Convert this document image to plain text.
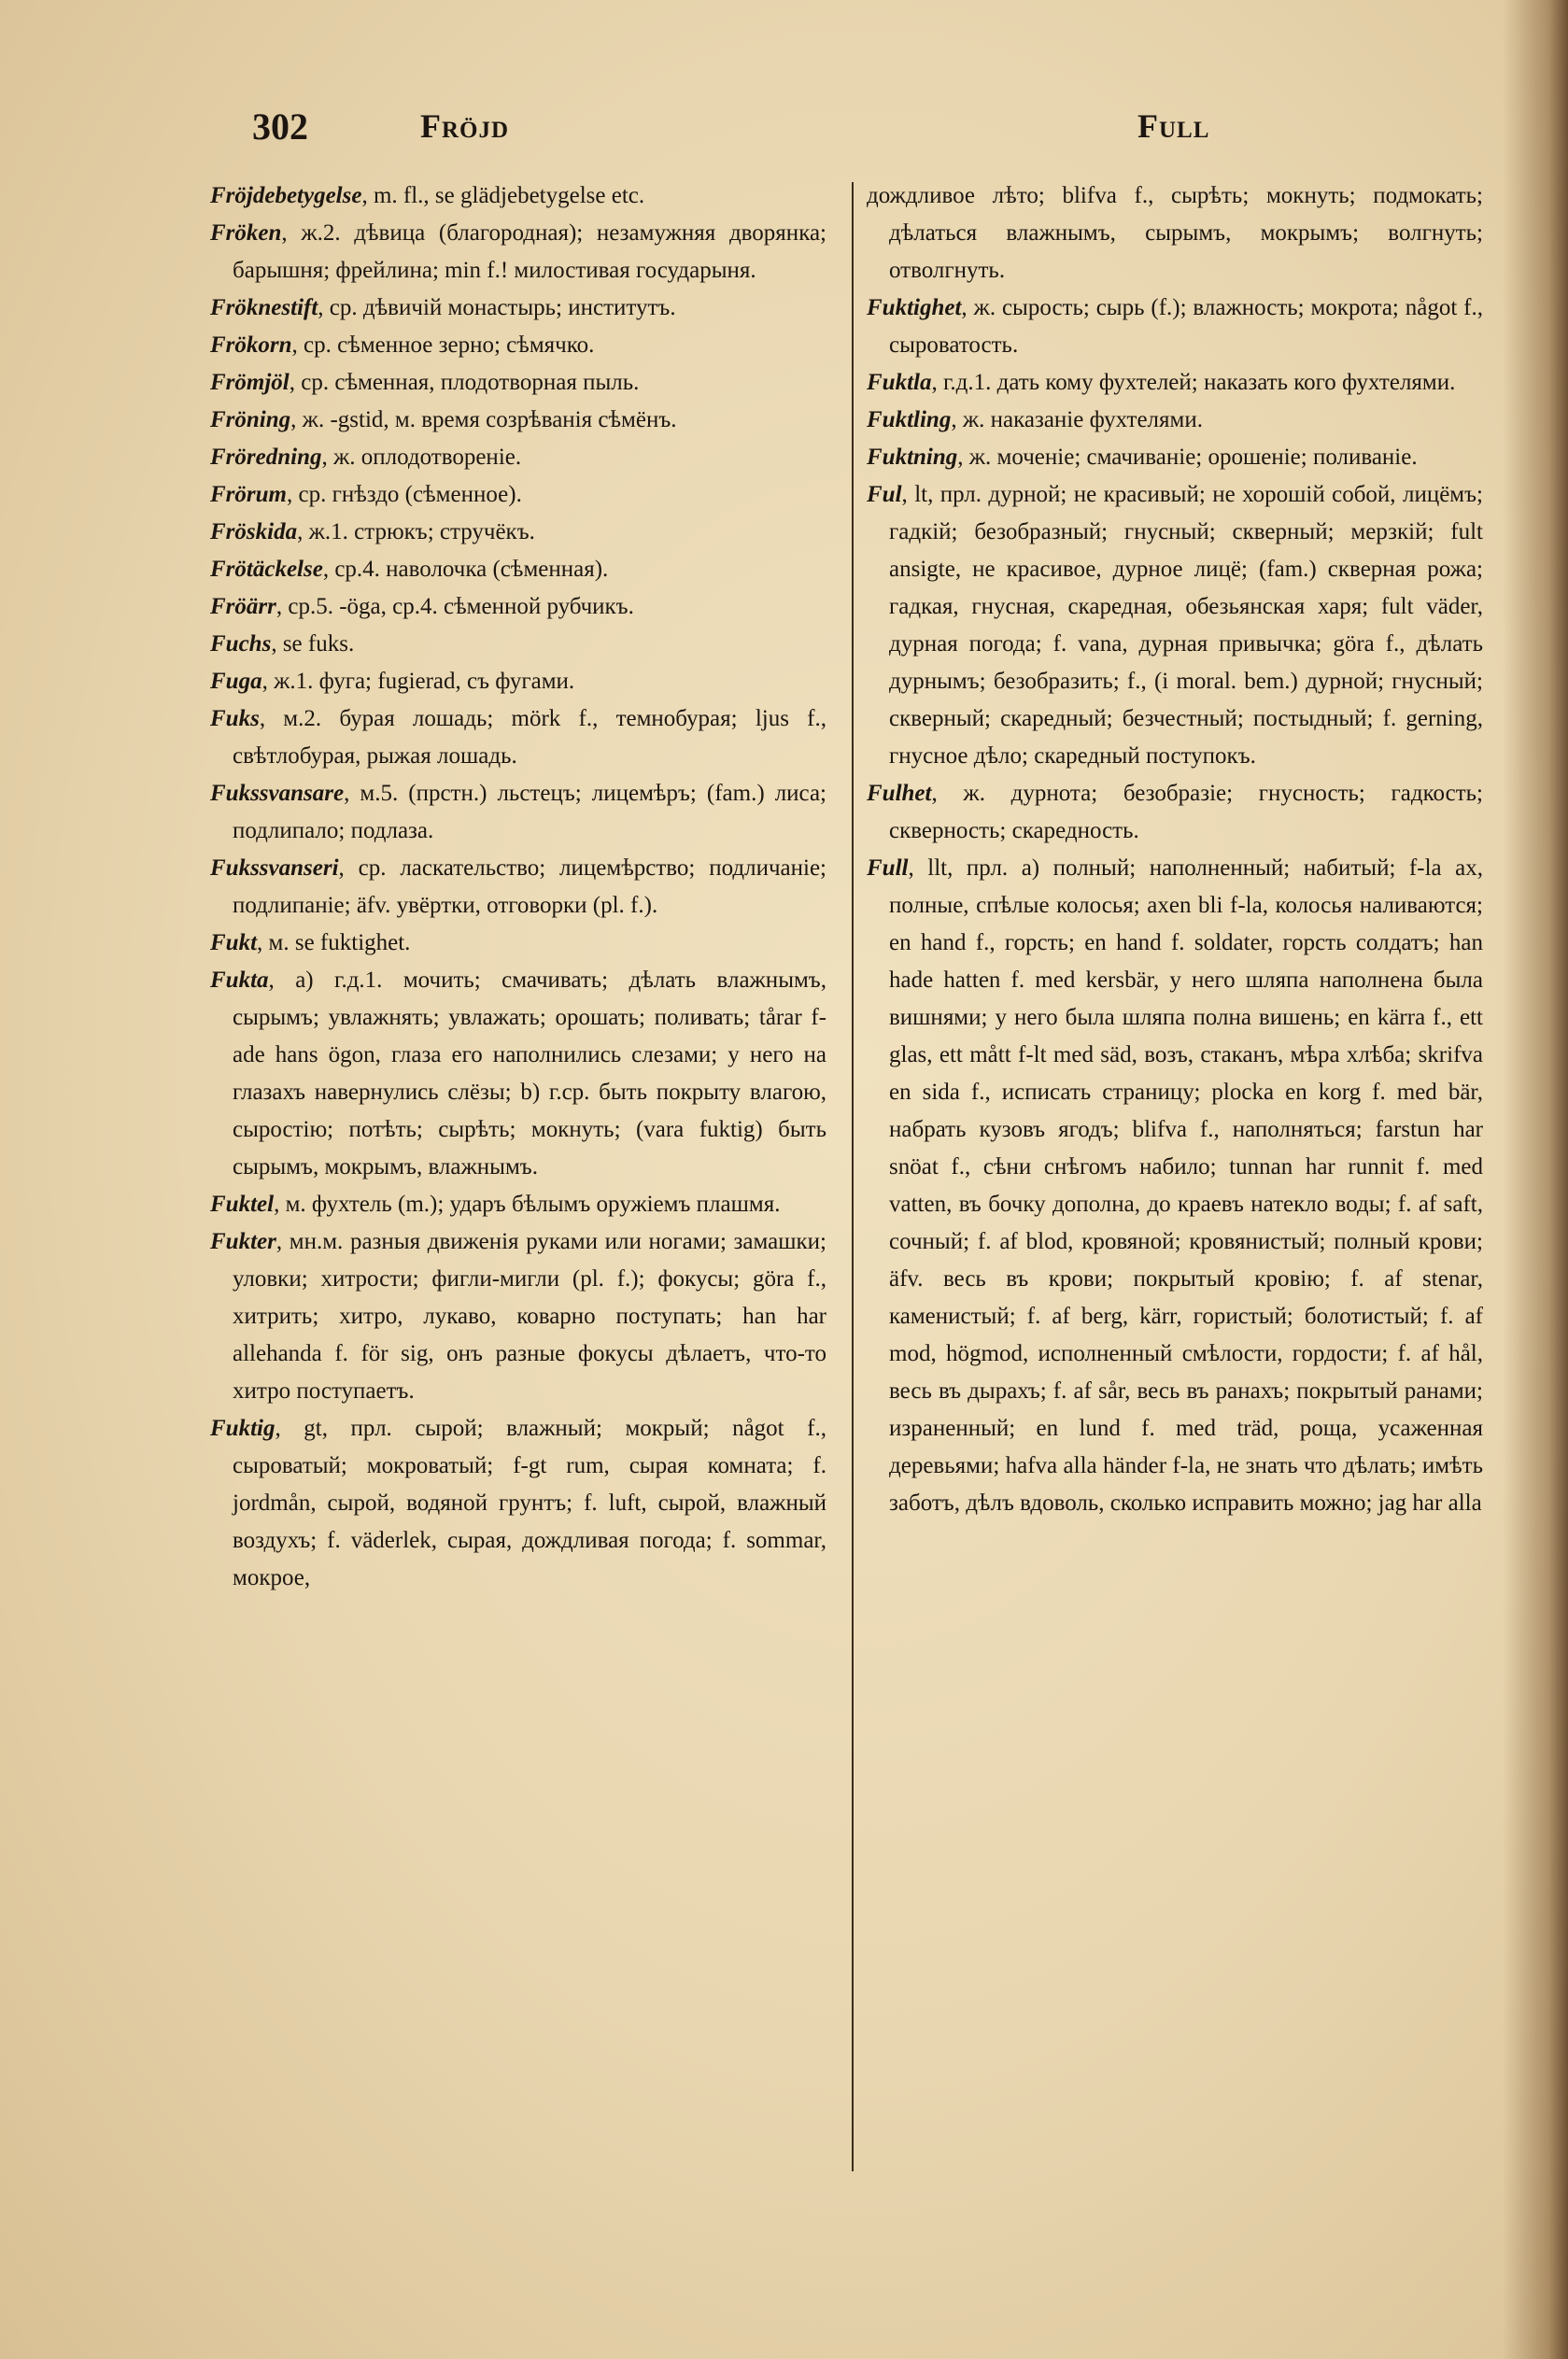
302	Fröjd	Full
Fröjdebetygelse, m. fl., se glädjebetygelse etc.
Fröken, ж.2. дѣвица (благородная); незамужняя дворянка; барышня; фрейлина; min f.! милостивая государыня.
Fröknestift, ср. дѣвичій монастырь; институтъ.
Frökorn, ср. сѣменное зерно; сѣмячко.
Frömjöl, ср. сѣменная, плодотворная пыль.
Fröning, ж. -gstid, м. время созрѣванія сѣмёнъ.
Fröredning, ж. оплодотвореніе.
Frörum, ср. гнѣздо (сѣменное).
Fröskida, ж.1. стрюкъ; стручёкъ.
Frötäckelse, ср.4. наволочка (сѣменная).
Fröärr, ср.5. -öga, ср.4. сѣменной рубчикъ.
Fuchs, se fuks.
Fuga, ж.1. фуга; fugierad, съ фугами.
Fuks, м.2. бурая лошадь; mörk f., темнобурая; ljus f., свѣтлобурая, рыжая лошадь.
Fukssvansare, м.5. (прстн.) льстецъ; лицемѣръ; (fam.) лиса; подлипало; подлаза.
Fukssvanseri, ср. ласкательство; лицемѣрство; подличаніе; подлипаніе; äfv. увёртки, отговорки (pl. f.).
Fukt, м. se fuktighet.
Fukta, a) г.д.1. мочить; смачивать; дѣлать влажнымъ, сырымъ; увлажнять; увлажать; орошать; поливать; tårar f-ade hans ögon, глаза его наполнились слезами; у него на глазахъ навернулись слёзы; b) г.ср. быть покрыту влагою, сыростію; потѣть; сырѣть; мокнуть; (vara fuktig) быть сырымъ, мокрымъ, влажнымъ.
Fuktel, м. фухтель (m.); ударъ бѣлымъ оружіемъ плашмя.
Fukter, мн.м. разныя движенія руками или ногами; замашки; уловки; хитрости; фигли-мигли (pl. f.); фокусы; göra f., хитрить; хитро, лукаво, коварно поступать; han har allehanda f. för sig, онъ разные фокусы дѣлаетъ, что-то хитро поступаетъ.
Fuktig, gt, прл. сырой; влажный; мокрый; något f., сыроватый; мокроватый; f-gt rum, сырая комната; f. jordmån, сырой, водяной грунтъ; f. luft, сырой, влажный воздухъ; f. väderlek, сырая, дождливая погода; f. sommar, мокрое,
дождливое лѣто; blifva f., сырѣть; мокнуть; подмокать; дѣлаться влажнымъ, сырымъ, мокрымъ; волгнуть; отволгнуть.
Fuktighet, ж. сырость; сырь (f.); влажность; мокрота; något f., сыроватость.
Fuktla, г.д.1. дать кому фухтелей; наказать кого фухтелями.
Fuktling, ж. наказаніе фухтелями.
Fuktning, ж. моченіе; смачиваніе; орошеніе; поливаніе.
Ful, lt, прл. дурной; не красивый; не хорошій собой, лицёмъ; гадкій; безобразный; гнусный; скверный; мерзкій; fult ansigte, не красивое, дурное лицё; (fam.) скверная рожа; гадкая, гнусная, скаредная, обезьянская харя; fult väder, дурная погода; f. vana, дурная привычка; göra f., дѣлать дурнымъ; безобразить; f., (i moral. bem.) дурной; гнусный; скверный; скаредный; безчестный; постыдный; f. gerning, гнусное дѣло; скаредный поступокъ.
Fulhet, ж. дурнота; безобразіе; гнусность; гадкость; скверность; скаредность.
Full, llt, прл. a) полный; наполненный; набитый; f-la ax, полные, спѣлые колосья; axen bli f-la, колосья наливаются; en hand f., горсть; en hand f. soldater, горсть солдатъ; han hade hatten f. med kersbär, у него шляпа наполнена была вишнями; у него была шляпа полна вишень; en kärra f., ett glas, ett mått f-lt med säd, возъ, стаканъ, мѣра хлѣба; skrifva en sida f., исписать страницу; plocka en korg f. med bär, набрать кузовъ ягодъ; blifva f., наполняться; farstun har snöat f., сѣни снѣгомъ набило; tunnan har runnit f. med vatten, въ бочку дополна, до краевъ натекло воды; f. af saft, сочный; f. af blod, кровяной; кровянистый; полный крови; äfv. весь въ крови; покрытый кровію; f. af stenar, каменистый; f. af berg, kärr, гористый; болотистый; f. af mod, högmod, исполненный смѣлости, гордости; f. af hål, весь въ дырахъ; f. af sår, весь въ ранахъ; покрытый ранами; израненный; en lund f. med träd, роща, усаженная деревьями; hafva alla händer f-la, не знать что дѣлать; имѣть заботъ, дѣлъ вдоволь, сколько исправить можно; jag har alla
